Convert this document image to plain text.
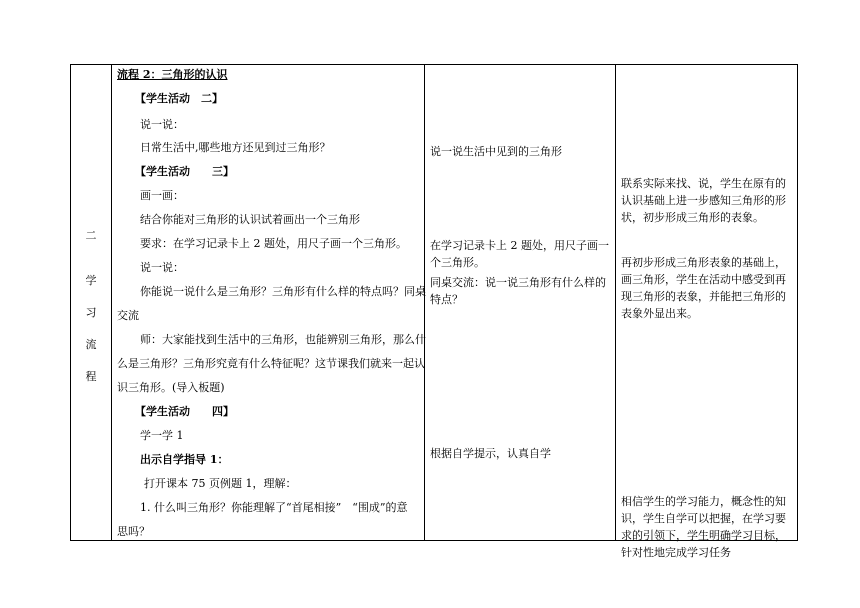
二
学
习
流
程

流程 2：三角形的认识
【学生活动　二】
说一说：
日常生活中,哪些地方还见到过三角形？
【学生活动　　三】
画一画：
结合你能对三角形的认识试着画出一个三角形
要求：在学习记录卡上 2 题处，用尺子画一个三角形。
说一说：
你能说一说什么是三角形？三角形有什么样的特点吗？同桌
交流
师：大家能找到生活中的三角形，也能辨别三角形，那么什
么是三角形？三角形究竟有什么特征呢？这节课我们就来一起认
识三角形。(导入板题)
【学生活动　　四】
学一学 1
出示自学指导 1：
打开课本 75 页例题 1，理解：
1. 什么叫三角形？你能理解了“首尾相接”　“围成”的意
思吗？

说一说生活中见到的三角形
在学习记录卡上 2 题处，用尺子画一个三角形。
同桌交流：说一说三角形有什么样的特点？
根据自学提示，认真自学

联系实际来找、说，学生在原有的认识基础上进一步感知三角形的形状，初步形成三角形的表象。
再初步形成三角形表象的基础上，画三角形，学生在活动中感受到再现三角形的表象，并能把三角形的表象外显出来。
相信学生的学习能力，概念性的知识，学生自学可以把握，在学习要求的引领下，学生明确学习目标，针对性地完成学习任务
